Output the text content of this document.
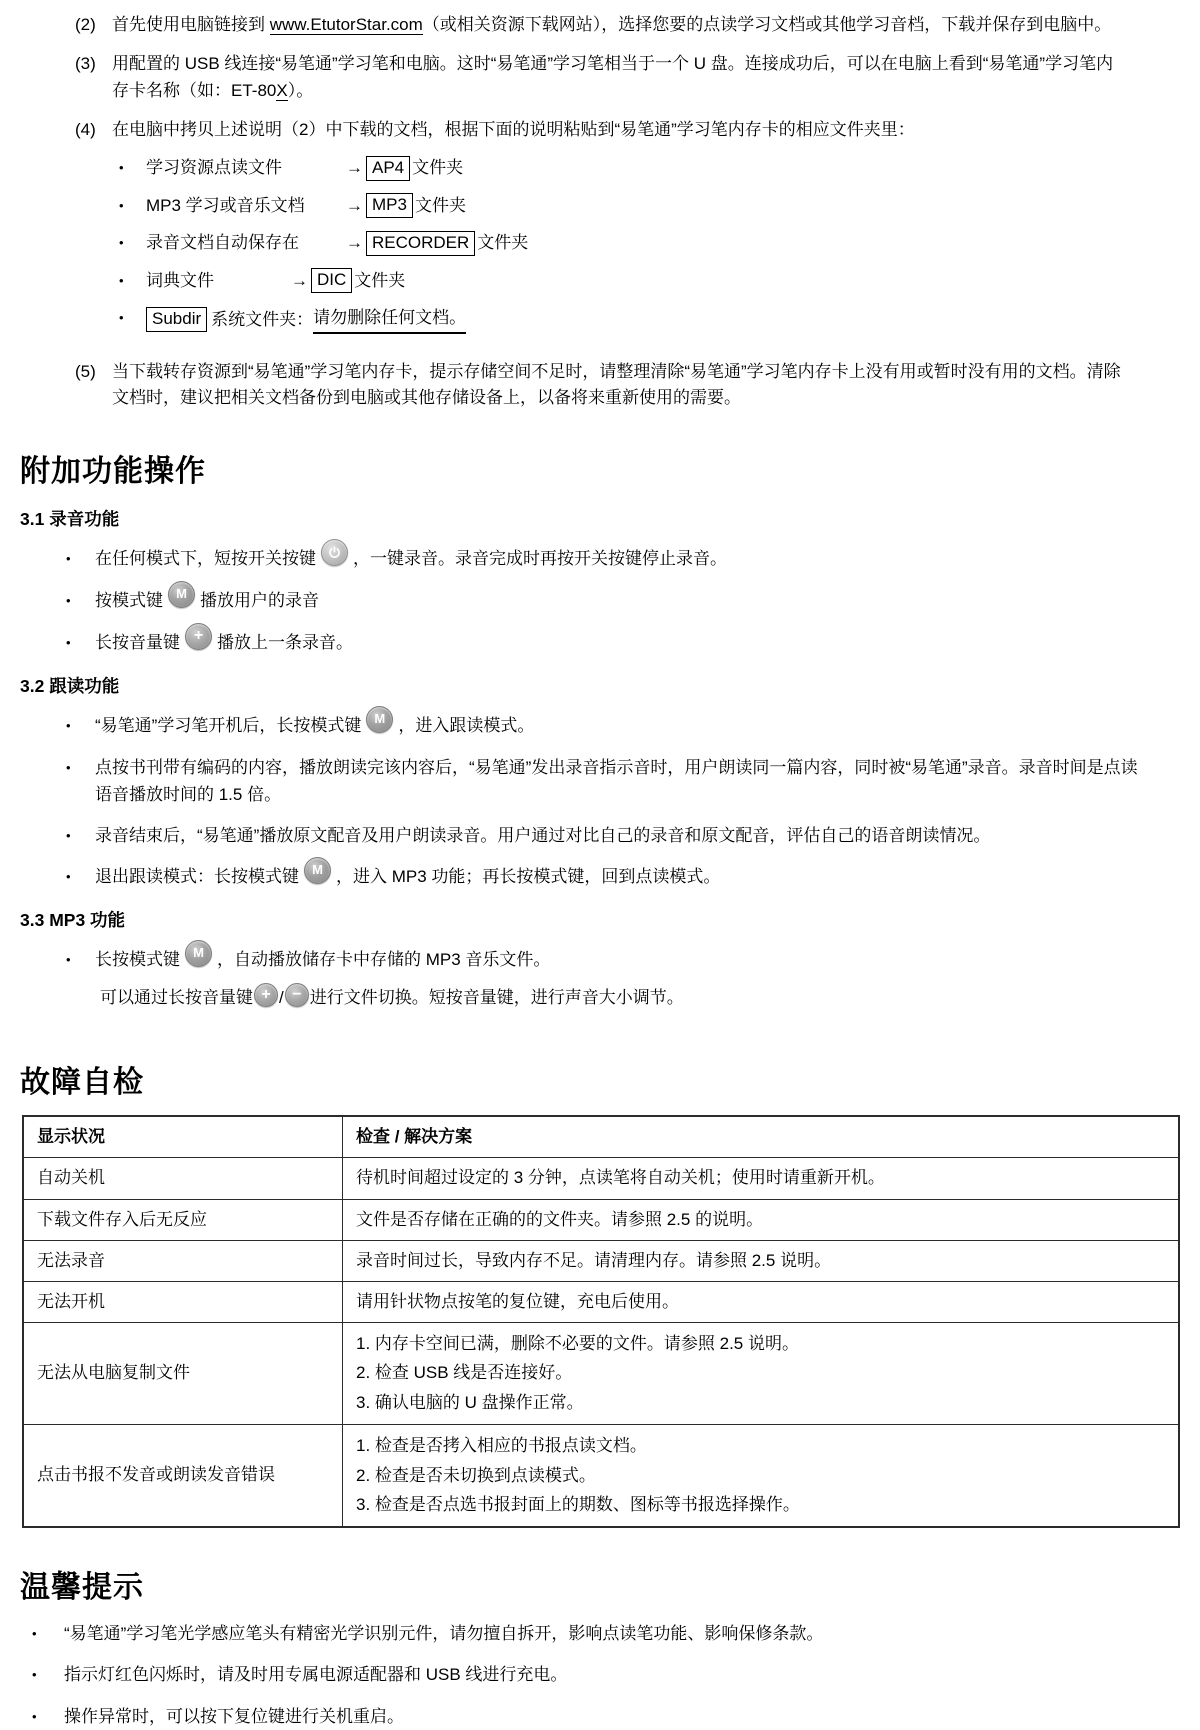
(2) 首先使用电脑链接到 www.EtutorStar.com（或相关资源下载网站），选择您要的点读学习文档或其他学习音档，下载并保存到电脑中。
(3) 用配置的 USB 线连接“易笔通”学习笔和电脑。这时“易笔通”学习笔相当于一个 U 盘。连接成功后，可以在电脑上看到“易笔通”学习笔内存卡名称（如：ET-80X）。
(4) 在电脑中拷贝上述说明（2）中下载的文档，根据下面的说明粘贴到“易笔通”学习笔内存卡的相应文件夹里：
• 学习资源点读文件	→ AP4 文件夹
• MP3 学习或音乐文档	→ MP3 文件夹
• 录音文档自动保存在	→ RECORDER 文件夹
• 词典文件	→ DIC 文件夹
•	Subdir 系统文件夹： 请勿删除任何文档。
(5) 当下载转存资源到“易笔通”学习笔内存卡，提示存储空间不足时，请整理清除“易笔通”学习笔内存卡上没有用或暂时没有用的文档。清除文档时，建议把相关文档备份到电脑或其他存储设备上，以备将来重新使用的需要。
附加功能操作
3.1 录音功能
• 在任何模式下，短按开关按键 ，一键录音。录音完成时再按开关按键停止录音。
• 按模式键 M 播放用户的录音
• 长按音量键 + 播放上一条录音。
3.2 跟读功能
• “易笔通”学习笔开机后，长按模式键 M ，进入跟读模式。
• 点按书刊带有编码的内容，播放朗读完该内容后，“易笔通”发出录音指示音时，用户朗读同一篇内容，同时被“易笔通”录音。录音时间是点读语音播放时间的 1.5 倍。
• 录音结束后，“易笔通”播放原文配音及用户朗读录音。用户通过对比自己的录音和原文配音，评估自己的语音朗读情况。
• 退出跟读模式：长按模式键 M ，进入 MP3 功能；再长按模式键，回到点读模式。
3.3 MP3 功能
• 长按模式键 M ，自动播放储存卡中存储的 MP3 音乐文件。
可以通过长按音量键 + / − 进行文件切换。短按音量键，进行声音大小调节。
故障自检
显示状况	检查 / 解决方案
自动关机	待机时间超过设定的 3 分钟，点读笔将自动关机；使用时请重新开机。
下载文件存入后无反应	文件是否存储在正确的的文件夹。请参照 2.5 的说明。
无法录音	录音时间过长，导致内存不足。请清理内存。请参照 2.5 说明。
无法开机	请用针状物点按笔的复位键，充电后使用。
无法从电脑复制文件	1. 内存卡空间已满，删除不必要的文件。请参照 2.5 说明。
2. 检查 USB 线是否连接好。
3. 确认电脑的 U 盘操作正常。

点击书报不发音或朗读发音错误	1. 检查是否拷入相应的书报点读文档。
2. 检查是否未切换到点读模式。
3. 检查是否点选书报封面上的期数、图标等书报选择操作。
温馨提示
• “易笔通”学习笔光学感应笔头有精密光学识别元件，请勿擅自拆开，影响点读笔功能、影响保修条款。
• 指示灯红色闪烁时，请及时用专属电源适配器和 USB 线进行充电。
• 操作异常时，可以按下复位键进行关机重启。
